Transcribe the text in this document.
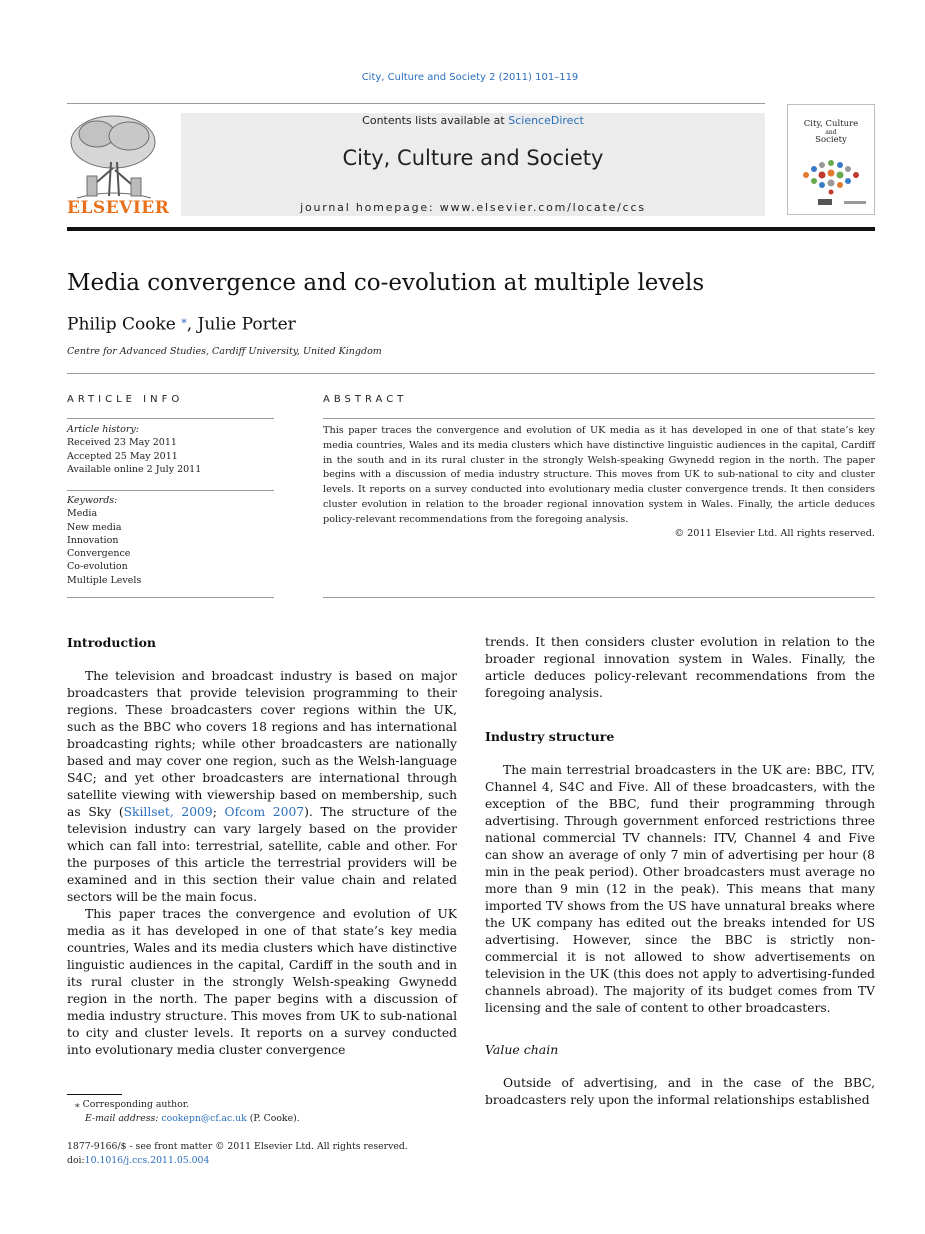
City, Culture and Society 2 (2011) 101–119
ELSEVIER
Contents lists available at ScienceDirect
City, Culture and Society
journal homepage: www.elsevier.com/locate/ccs
City, Culture
and
Society
Media convergence and co-evolution at multiple levels
Philip Cooke ⁎, Julie Porter
Centre for Advanced Studies, Cardiff University, United Kingdom
ARTICLE INFO	ABSTRACT
Article history:
Received 23 May 2011
Accepted 25 May 2011
Available online 2 July 2011
Keywords:
Media
New media
Innovation
Convergence
Co-evolution
Multiple Levels
This paper traces the convergence and evolution of UK media as it has developed in one of that state’s key media countries, Wales and its media clusters which have distinctive linguistic audiences in the capital, Cardiff in the south and in its rural cluster in the strongly Welsh-speaking Gwynedd region in the north. The paper begins with a discussion of media industry structure. This moves from UK to sub-national to city and cluster levels. It reports on a survey conducted into evolutionary media cluster convergence trends. It then considers cluster evolution in relation to the broader regional innovation system in Wales. Finally, the article deduces policy-relevant recommendations from the foregoing analysis.
© 2011 Elsevier Ltd. All rights reserved.
Introduction

The television and broadcast industry is based on major broadcasters that provide television programming to their regions. These broadcasters cover regions within the UK, such as the BBC who covers 18 regions and has international broadcasting rights; while other broadcasters are nationally based and may cover one region, such as the Welsh-language S4C; and yet other broadcasters are international through satellite viewing with viewership based on membership, such as Sky (Skillset, 2009; Ofcom 2007). The structure of the television industry can vary largely based on the provider which can fall into: terrestrial, satellite, cable and other. For the purposes of this article the terrestrial providers will be examined and in this section their value chain and related sectors will be the main focus.

This paper traces the convergence and evolution of UK media as it has developed in one of that state’s key media countries, Wales and its media clusters which have distinctive linguistic audiences in the capital, Cardiff in the south and in its rural cluster in the strongly Welsh-speaking Gwynedd region in the north. The paper begins with a discussion of media industry structure. This moves from UK to sub-national to city and cluster levels. It reports on a survey conducted into evolutionary media cluster convergence

trends. It then considers cluster evolution in relation to the broader regional innovation system in Wales. Finally, the article deduces policy-relevant recommendations from the foregoing analysis.

Industry structure

The main terrestrial broadcasters in the UK are: BBC, ITV, Channel 4, S4C and Five. All of these broadcasters, with the exception of the BBC, fund their programming through advertising. Through government enforced restrictions three national commercial TV channels: ITV, Channel 4 and Five can show an average of only 7 min of advertising per hour (8 min in the peak period). Other broadcasters must average no more than 9 min (12 in the peak). This means that many imported TV shows from the US have unnatural breaks where the UK company has edited out the breaks intended for US advertising. However, since the BBC is strictly non-commercial it is not allowed to show advertisements on television in the UK (this does not apply to advertising-funded channels abroad). The majority of its budget comes from TV licensing and the sale of content to other broadcasters.

Value chain

Outside of advertising, and in the case of the BBC, broadcasters rely upon the informal relationships established

⁎ Corresponding author.
E-mail address: cookepn@cf.ac.uk (P. Cooke).
1877-9166/$ - see front matter © 2011 Elsevier Ltd. All rights reserved.
doi:10.1016/j.ccs.2011.05.004
